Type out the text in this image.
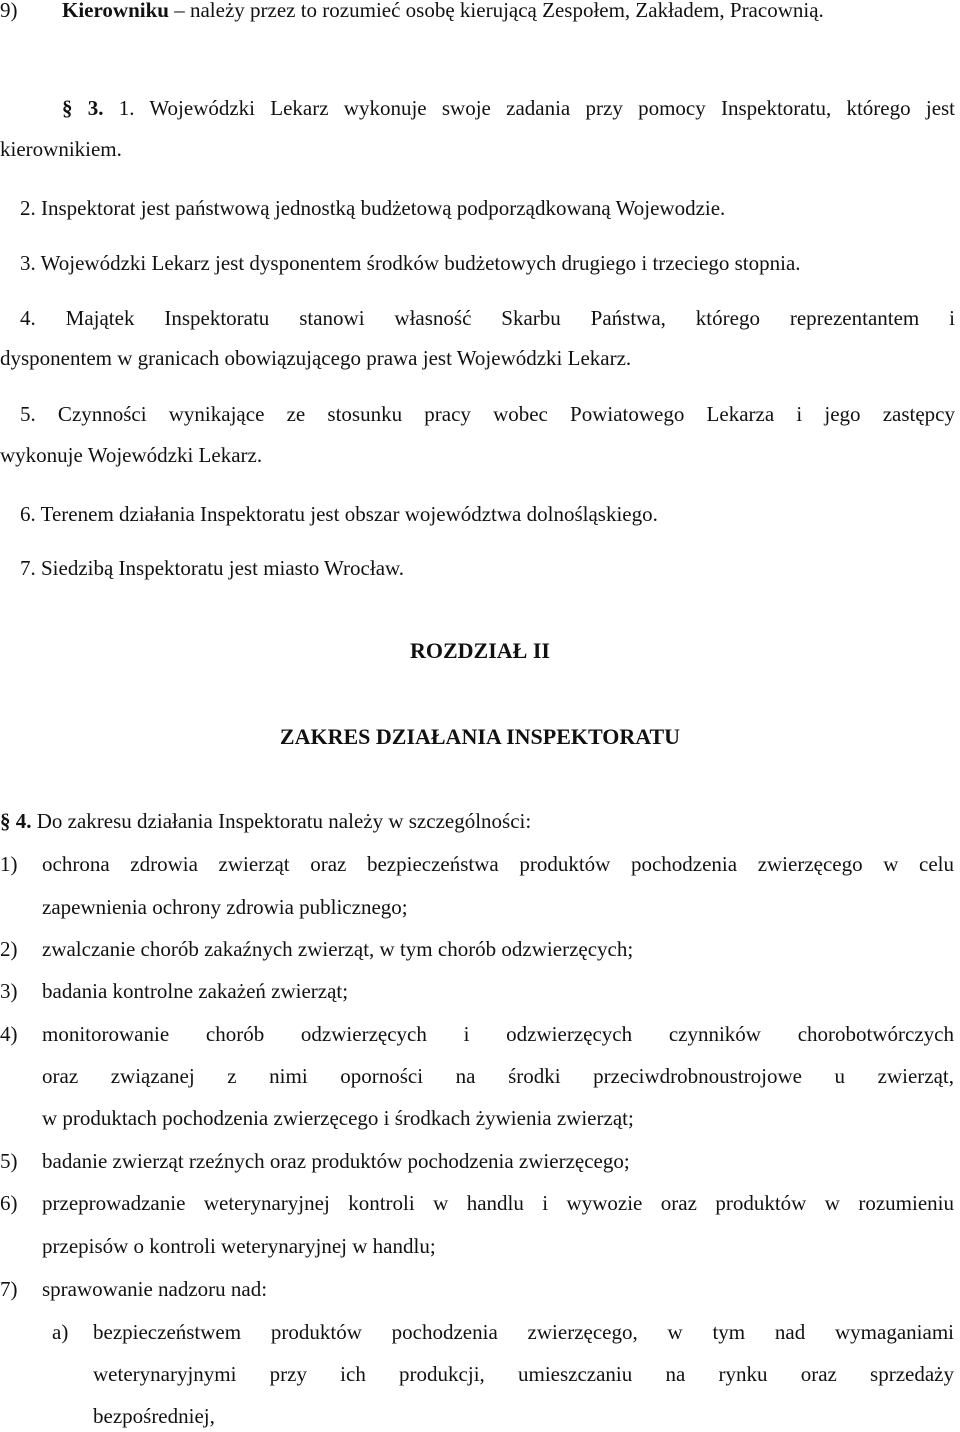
9) Kierowniku – należy przez to rozumieć osobę kierującą Zespołem, Zakładem, Pracownią.
§ 3. 1. Wojewódzki Lekarz wykonuje swoje zadania przy pomocy Inspektoratu, którego jest
kierownikiem.
2. Inspektorat jest państwową jednostką budżetową podporządkowaną Wojewodzie.
3. Wojewódzki Lekarz jest dysponentem środków budżetowych drugiego i trzeciego stopnia.
4. Majątek Inspektoratu stanowi własność Skarbu Państwa, którego reprezentantem i
dysponentem w granicach obowiązującego prawa jest Wojewódzki Lekarz.
5. Czynności wynikające ze stosunku pracy wobec Powiatowego Lekarza i jego zastępcy
wykonuje Wojewódzki Lekarz.
6. Terenem działania Inspektoratu jest obszar województwa dolnośląskiego.
7. Siedzibą Inspektoratu jest miasto Wrocław.
ROZDZIAŁ II
ZAKRES DZIAŁANIA INSPEKTORATU
§ 4. Do zakresu działania Inspektoratu należy w szczególności:
1) ochrona zdrowia zwierząt oraz bezpieczeństwa produktów pochodzenia zwierzęcego w celu
zapewnienia ochrony zdrowia publicznego;
2) zwalczanie chorób zakaźnych zwierząt, w tym chorób odzwierzęcych;
3) badania kontrolne zakażeń zwierząt;
4) monitorowanie chorób odzwierzęcych i odzwierzęcych czynników chorobotwórczych
oraz związanej z nimi oporności na środki przeciwdrobnoustrojowe u zwierząt,
w produktach pochodzenia zwierzęcego i środkach żywienia zwierząt;
5) badanie zwierząt rzeźnych oraz produktów pochodzenia zwierzęcego;
6) przeprowadzanie weterynaryjnej kontroli w handlu i wywozie oraz produktów w rozumieniu
przepisów o kontroli weterynaryjnej w handlu;
7) sprawowanie nadzoru nad:
a) bezpieczeństwem produktów pochodzenia zwierzęcego, w tym nad wymaganiami
weterynaryjnymi przy ich produkcji, umieszczaniu na rynku oraz sprzedaży
bezpośredniej,
